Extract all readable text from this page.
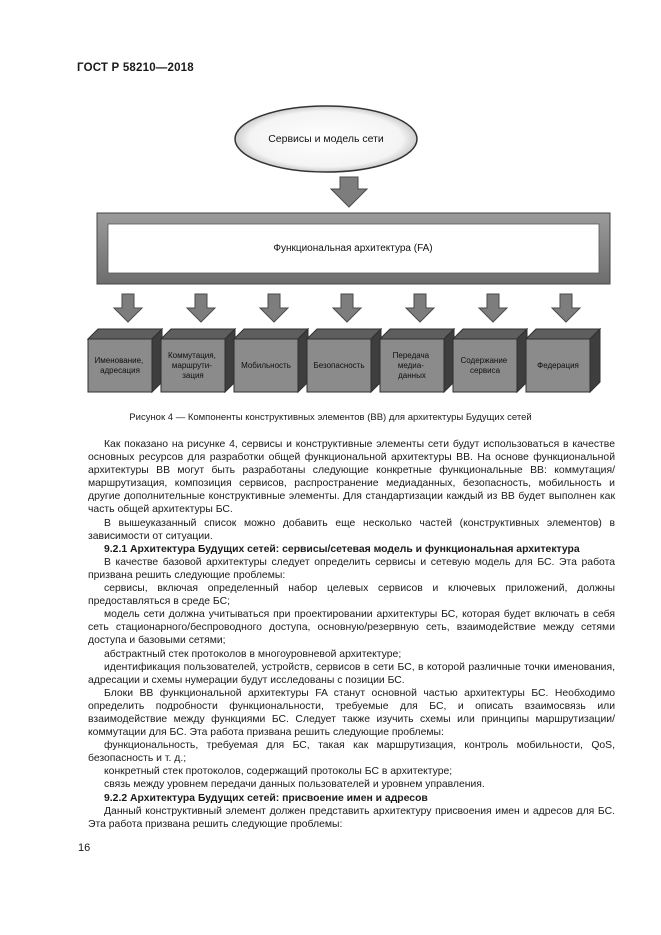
ГОСТ Р 58210—2018
Сервисы и модель сети
Функциональная архитектура (FA)
Именование, адресация
Коммутация, маршрути- зация
Мобильность	Безопасность
Передача медиа- данных
Содержание сервиса
Федерация
Рисунок 4 — Компоненты конструктивных элементов (ВВ) для архитектуры Будущих сетей

Как показано на рисунке 4, сервисы и конструктивные элементы сети будут использоваться в качестве основных ресурсов для разработки общей функциональной архитектуры ВВ. На основе функциональной архитектуры ВВ могут быть разработаны следующие конкретные функциональные ВВ: коммутация/маршрутизация, композиция сервисов, распространение медиаданных, безопасность, мобильность и другие дополнительные конструктивные элементы. Для стандартизации каждый из ВВ будет выполнен как часть общей архитектуры БС.

В вышеуказанный список можно добавить еще несколько частей (конструктивных элементов) в зависимости от ситуации.

9.2.1 Архитектура Будущих сетей: сервисы/сетевая модель и функциональная архитектура

В качестве базовой архитектуры следует определить сервисы и сетевую модель для БС. Эта работа призвана решить следующие проблемы:

сервисы, включая определенный набор целевых сервисов и ключевых приложений, должны предоставляться в среде БС;

модель сети должна учитываться при проектировании архитектуры БС, которая будет включать в себя сеть стационарного/беспроводного доступа, основную/резервную сеть, взаимодействие между сетями доступа и базовыми сетями;

абстрактный стек протоколов в многоуровневой архитектуре;

идентификация пользователей, устройств, сервисов в сети БС, в которой различные точки именования, адресации и схемы нумерации будут исследованы с позиции БС.

Блоки ВВ функциональной архитектуры FA станут основной частью архитектуры БС. Необходимо определить подробности функциональности, требуемые для БС, и описать взаимосвязь или взаимодействие между функциями БС. Следует также изучить схемы или принципы маршрутизации/коммутации для БС. Эта работа призвана решить следующие проблемы:

функциональность, требуемая для БС, такая как маршрутизация, контроль мобильности, QoS, безопасность и т. д.;

конкретный стек протоколов, содержащий протоколы БС в архитектуре;

связь между уровнем передачи данных пользователей и уровнем управления.

9.2.2 Архитектура Будущих сетей: присвоение имен и адресов

Данный конструктивный элемент должен представить архитектуру присвоения имен и адресов для БС. Эта работа призвана решить следующие проблемы:

16
